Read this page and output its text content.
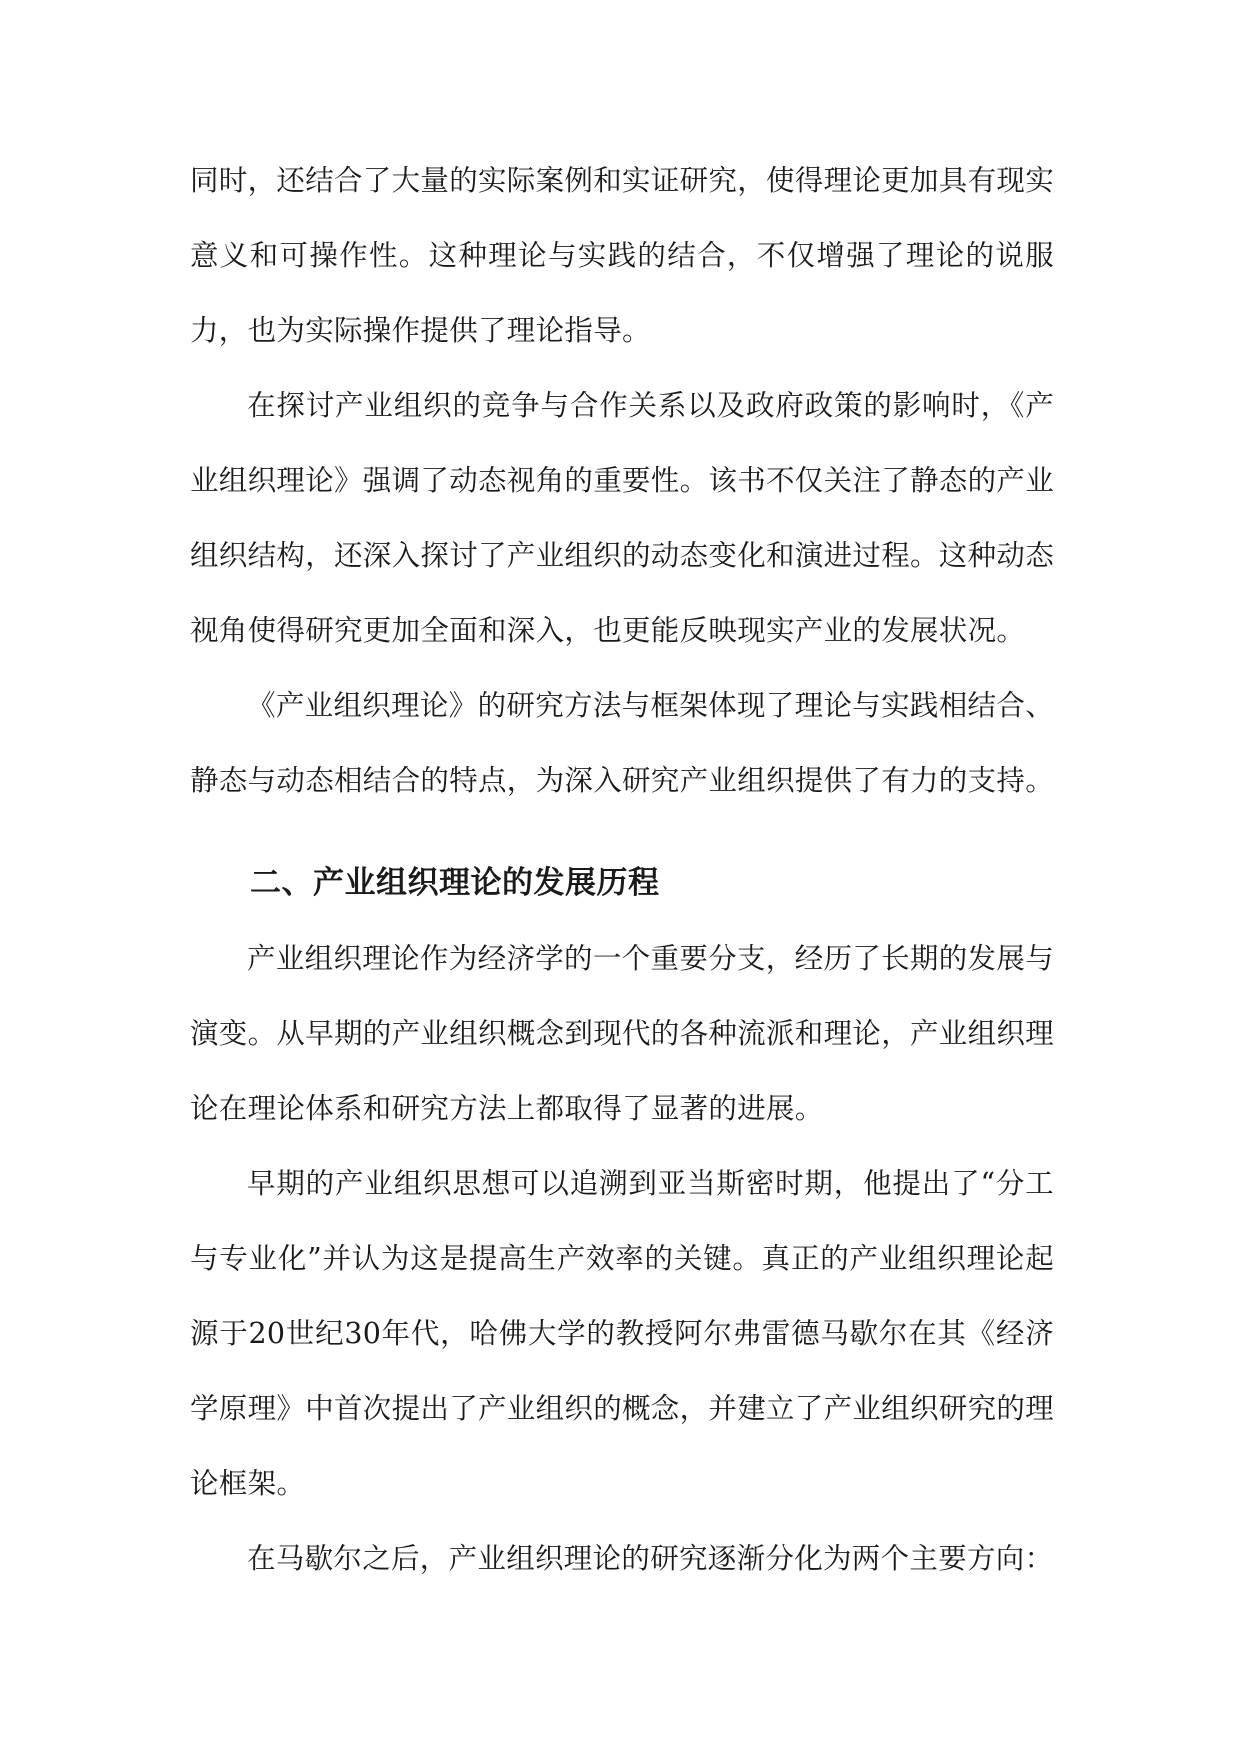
同时，还结合了大量的实际案例和实证研究，使得理论更加具有现实意义和可操作性。这种理论与实践的结合，不仅增强了理论的说服力，也为实际操作提供了理论指导。

在探讨产业组织的竞争与合作关系以及政府政策的影响时，《产业组织理论》强调了动态视角的重要性。该书不仅关注了静态的产业组织结构，还深入探讨了产业组织的动态变化和演进过程。这种动态视角使得研究更加全面和深入，也更能反映现实产业的发展状况。

《产业组织理论》的研究方法与框架体现了理论与实践相结合、静态与动态相结合的特点，为深入研究产业组织提供了有力的支持。

二、产业组织理论的发展历程

产业组织理论作为经济学的一个重要分支，经历了长期的发展与演变。从早期的产业组织概念到现代的各种流派和理论，产业组织理论在理论体系和研究方法上都取得了显著的进展。

早期的产业组织思想可以追溯到亚当斯密时期，他提出了“分工与专业化”并认为这是提高生产效率的关键。真正的产业组织理论起源于20世纪30年代，哈佛大学的教授阿尔弗雷德马歇尔在其《经济学原理》中首次提出了产业组织的概念，并建立了产业组织研究的理论框架。

在马歇尔之后，产业组织理论的研究逐渐分化为两个主要方向：
